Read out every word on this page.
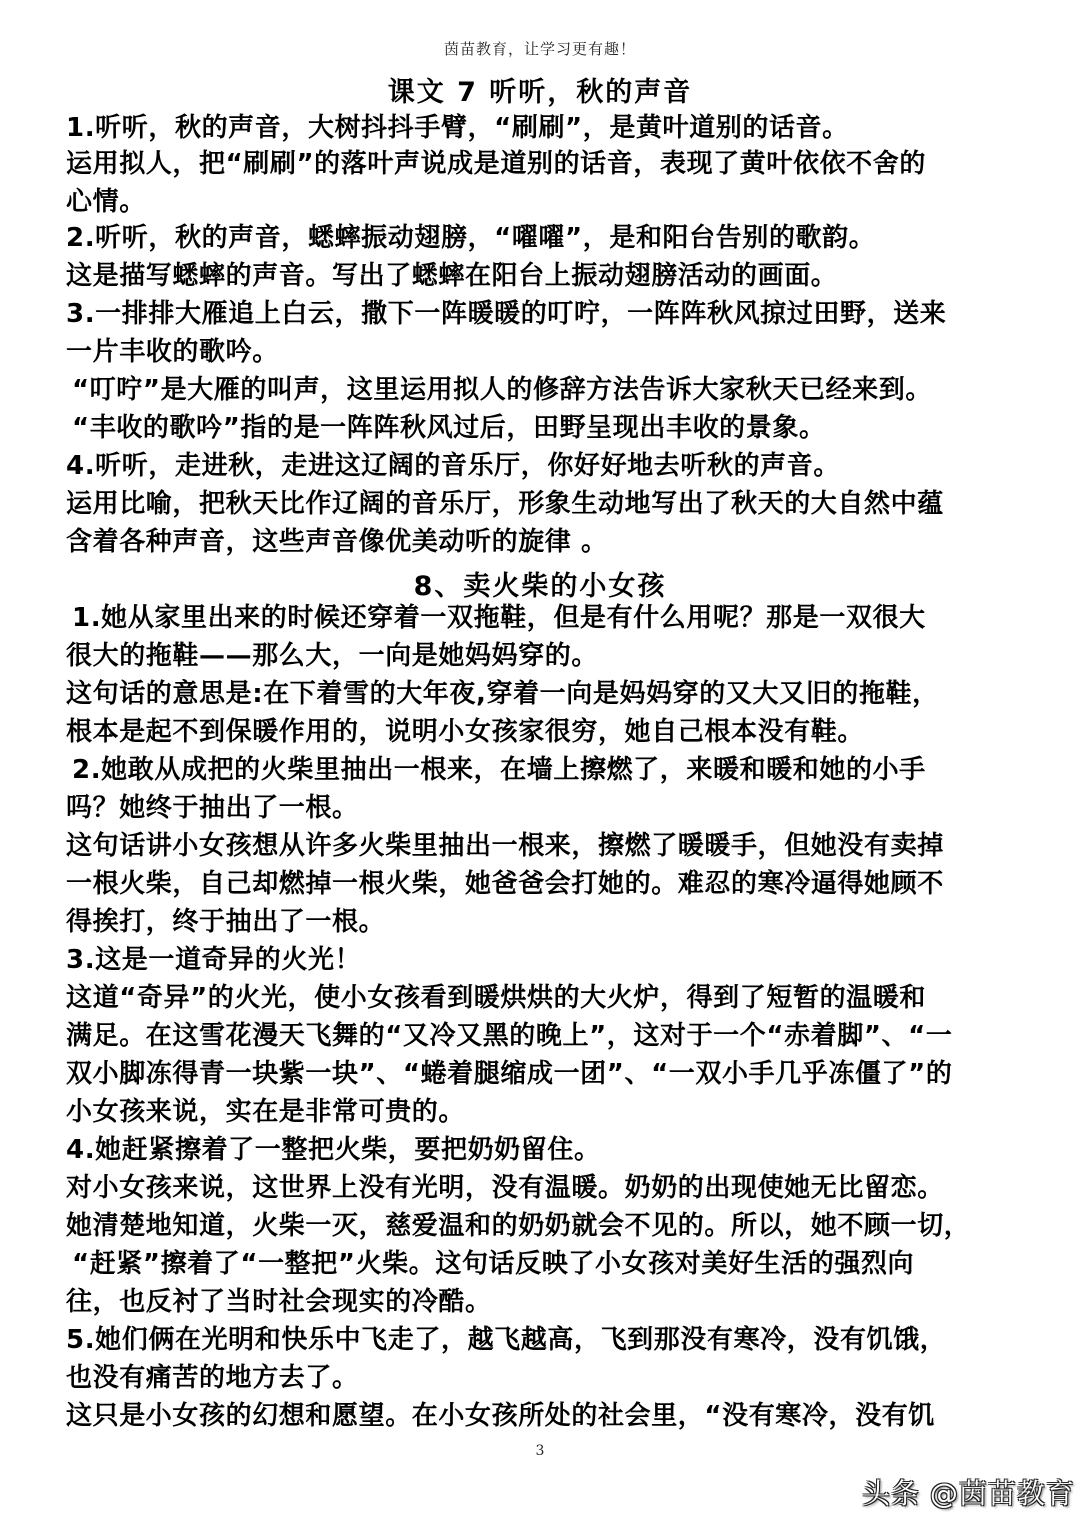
茵苗教育，让学习更有趣！
课文 7 听听，秋的声音
1.听听，秋的声音，大树抖抖手臂，“刷刷”，是黄叶道别的话音。
运用拟人，把“刷刷”的落叶声说成是道别的话音，表现了黄叶依依不舍的
心情。
2.听听，秋的声音，蟋蟀振动翅膀，“嚁嚁”，是和阳台告别的歌韵。
这是描写蟋蟀的声音。写出了蟋蟀在阳台上振动翅膀活动的画面。
3.一排排大雁追上白云，撒下一阵暖暖的叮咛，一阵阵秋风掠过田野，送来
一片丰收的歌吟。
“叮咛”是大雁的叫声，这里运用拟人的修辞方法告诉大家秋天已经来到。
“丰收的歌吟”指的是一阵阵秋风过后，田野呈现出丰收的景象。
4.听听，走进秋，走进这辽阔的音乐厅，你好好地去听秋的声音。
运用比喻，把秋天比作辽阔的音乐厅，形象生动地写出了秋天的大自然中蕴
含着各种声音，这些声音像优美动听的旋律 。
8、卖火柴的小女孩
1.她从家里出来的时候还穿着一双拖鞋，但是有什么用呢？那是一双很大
很大的拖鞋——那么大，一向是她妈妈穿的。
这句话的意思是:在下着雪的大年夜,穿着一向是妈妈穿的又大又旧的拖鞋，
根本是起不到保暖作用的，说明小女孩家很穷，她自己根本没有鞋。
2.她敢从成把的火柴里抽出一根来，在墙上擦燃了，来暖和暖和她的小手
吗？她终于抽出了一根。
这句话讲小女孩想从许多火柴里抽出一根来，擦燃了暖暖手，但她没有卖掉
一根火柴，自己却燃掉一根火柴，她爸爸会打她的。难忍的寒冷逼得她顾不
得挨打，终于抽出了一根。
3.这是一道奇异的火光！
这道“奇异”的火光，使小女孩看到暖烘烘的大火炉，得到了短暂的温暖和
满足。在这雪花漫天飞舞的“又冷又黑的晚上”，这对于一个“赤着脚”、“一
双小脚冻得青一块紫一块”、“蜷着腿缩成一团”、“一双小手几乎冻僵了”的
小女孩来说，实在是非常可贵的。
4.她赶紧擦着了一整把火柴，要把奶奶留住。
对小女孩来说，这世界上没有光明，没有温暖。奶奶的出现使她无比留恋。
她清楚地知道，火柴一灭，慈爱温和的奶奶就会不见的。所以，她不顾一切，
“赶紧”擦着了“一整把”火柴。这句话反映了小女孩对美好生活的强烈向
往，也反衬了当时社会现实的冷酷。
5.她们俩在光明和快乐中飞走了，越飞越高，飞到那没有寒冷，没有饥饿，
也没有痛苦的地方去了。
这只是小女孩的幻想和愿望。在小女孩所处的社会里，“没有寒冷，没有饥
3
头条 @茵苗教育
